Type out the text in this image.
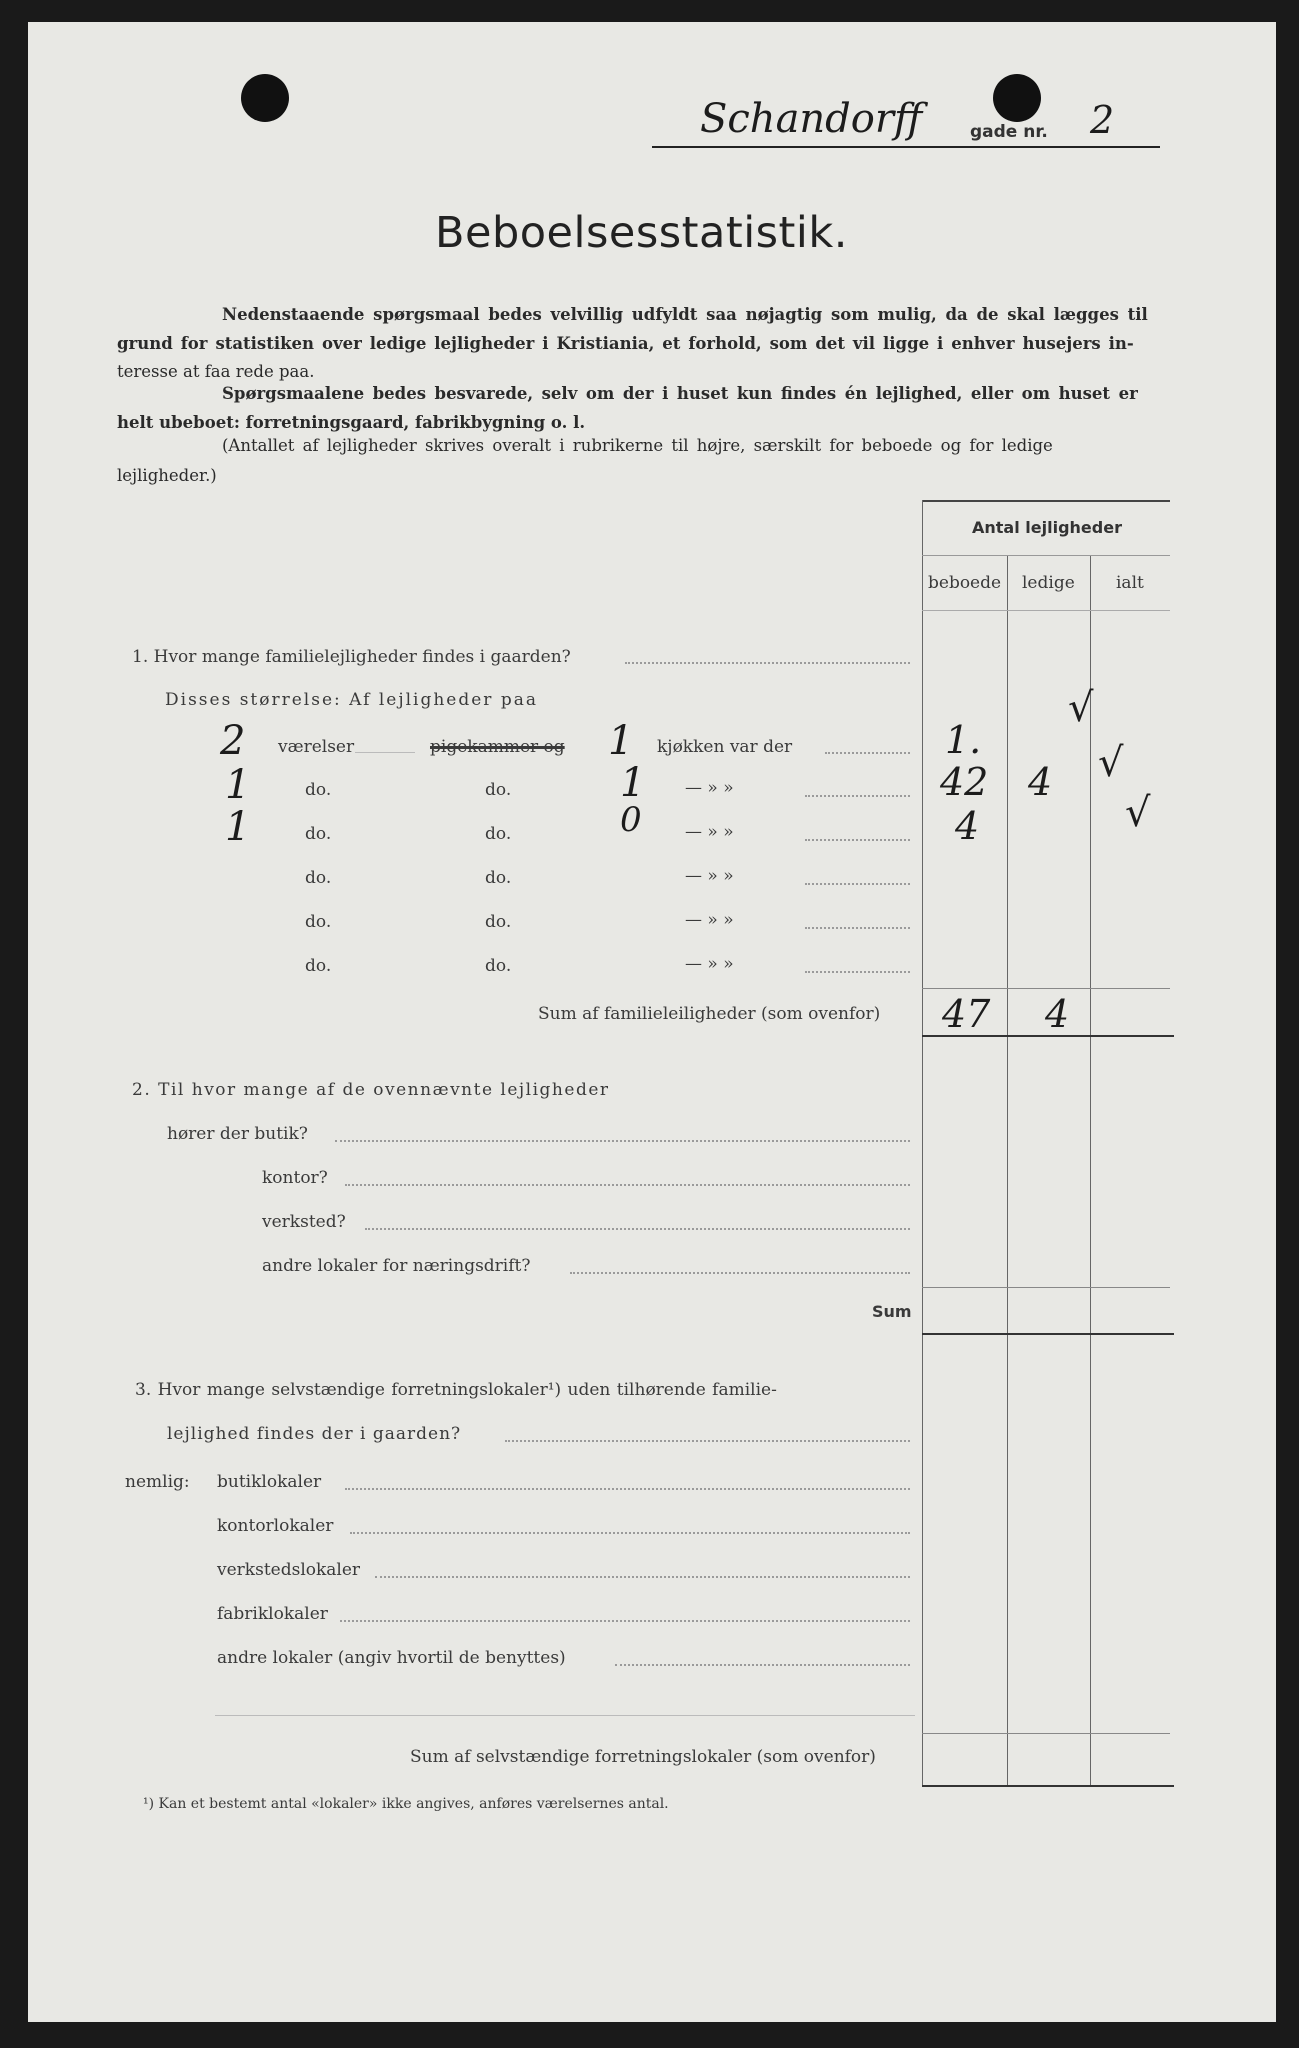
Schandorff	gade nr. 2
Beboelsesstatistik.
Nedenstaaende spørgsmaal bedes velvillig udfyldt saa nøjagtig som mulig, da de skal lægges til
grund for statistiken over ledige lejligheder i Kristiania, et forhold, som det vil ligge i enhver husejers in-
teresse at faa rede paa.
Spørgsmaalene bedes besvarede, selv om der i huset kun findes én lejlighed, eller om huset er
helt ubeboet: forretningsgaard, fabrikbygning o. l.
(Antallet af lejligheder skrives overalt i rubrikerne til højre, særskilt for beboede og for ledige
lejligheder.)
Antal lejligheder
beboede ledige ialt
1. Hvor mange familielejligheder findes i gaarden?
Disses størrelse: Af lejligheder paa
2 værelser	pigekammer og 1 kjøkken var der	1.
√
1	do.	do.	1 — » »	42 4 √
1	do.	do.	0	— » »	4	√
do.	do.	— » »
do.	do.	— » »
do.	do.	— » »
Sum af familieleiligheder (som ovenfor) 47 4
2. Til hvor mange af de ovennævnte lejligheder
hører der butik?
kontor?
verksted?
andre lokaler for næringsdrift?
Sum
3. Hvor mange selvstændige forretningslokaler¹) uden tilhørende familie-
lejlighed findes der i gaarden?
nemlig: butiklokaler
kontorlokaler
verkstedslokaler
fabriklokaler
andre lokaler (angiv hvortil de benyttes)
Sum af selvstændige forretningslokaler (som ovenfor)
¹) Kan et bestemt antal «lokaler» ikke angives, anføres værelsernes antal.
